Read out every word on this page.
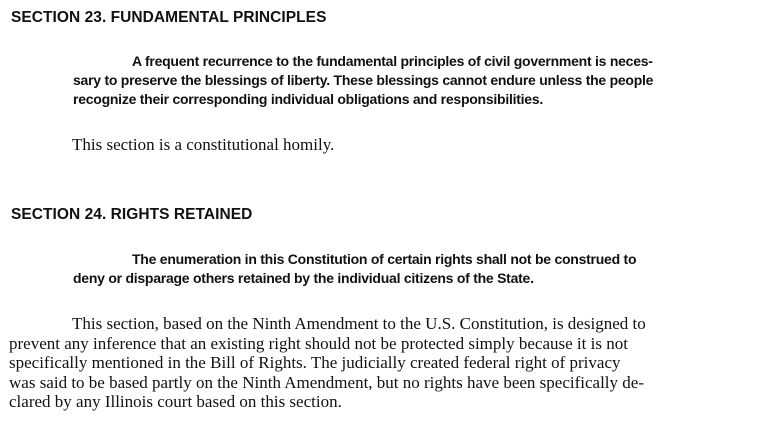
SECTION 23. FUNDAMENTAL PRINCIPLES

A frequent recurrence to the fundamental principles of civil government is neces-
sary to preserve the blessings of liberty. These blessings cannot endure unless the people
recognize their corresponding individual obligations and responsibilities.

This section is a constitutional homily.

SECTION 24. RIGHTS RETAINED

The enumeration in this Constitution of certain rights shall not be construed to
deny or disparage others retained by the individual citizens of the State.

This section, based on the Ninth Amendment to the U.S. Constitution, is designed to
prevent any inference that an existing right should not be protected simply because it is not
specifically mentioned in the Bill of Rights. The judicially created federal right of privacy
was said to be based partly on the Ninth Amendment, but no rights have been specifically de-
clared by any Illinois court based on this section.
